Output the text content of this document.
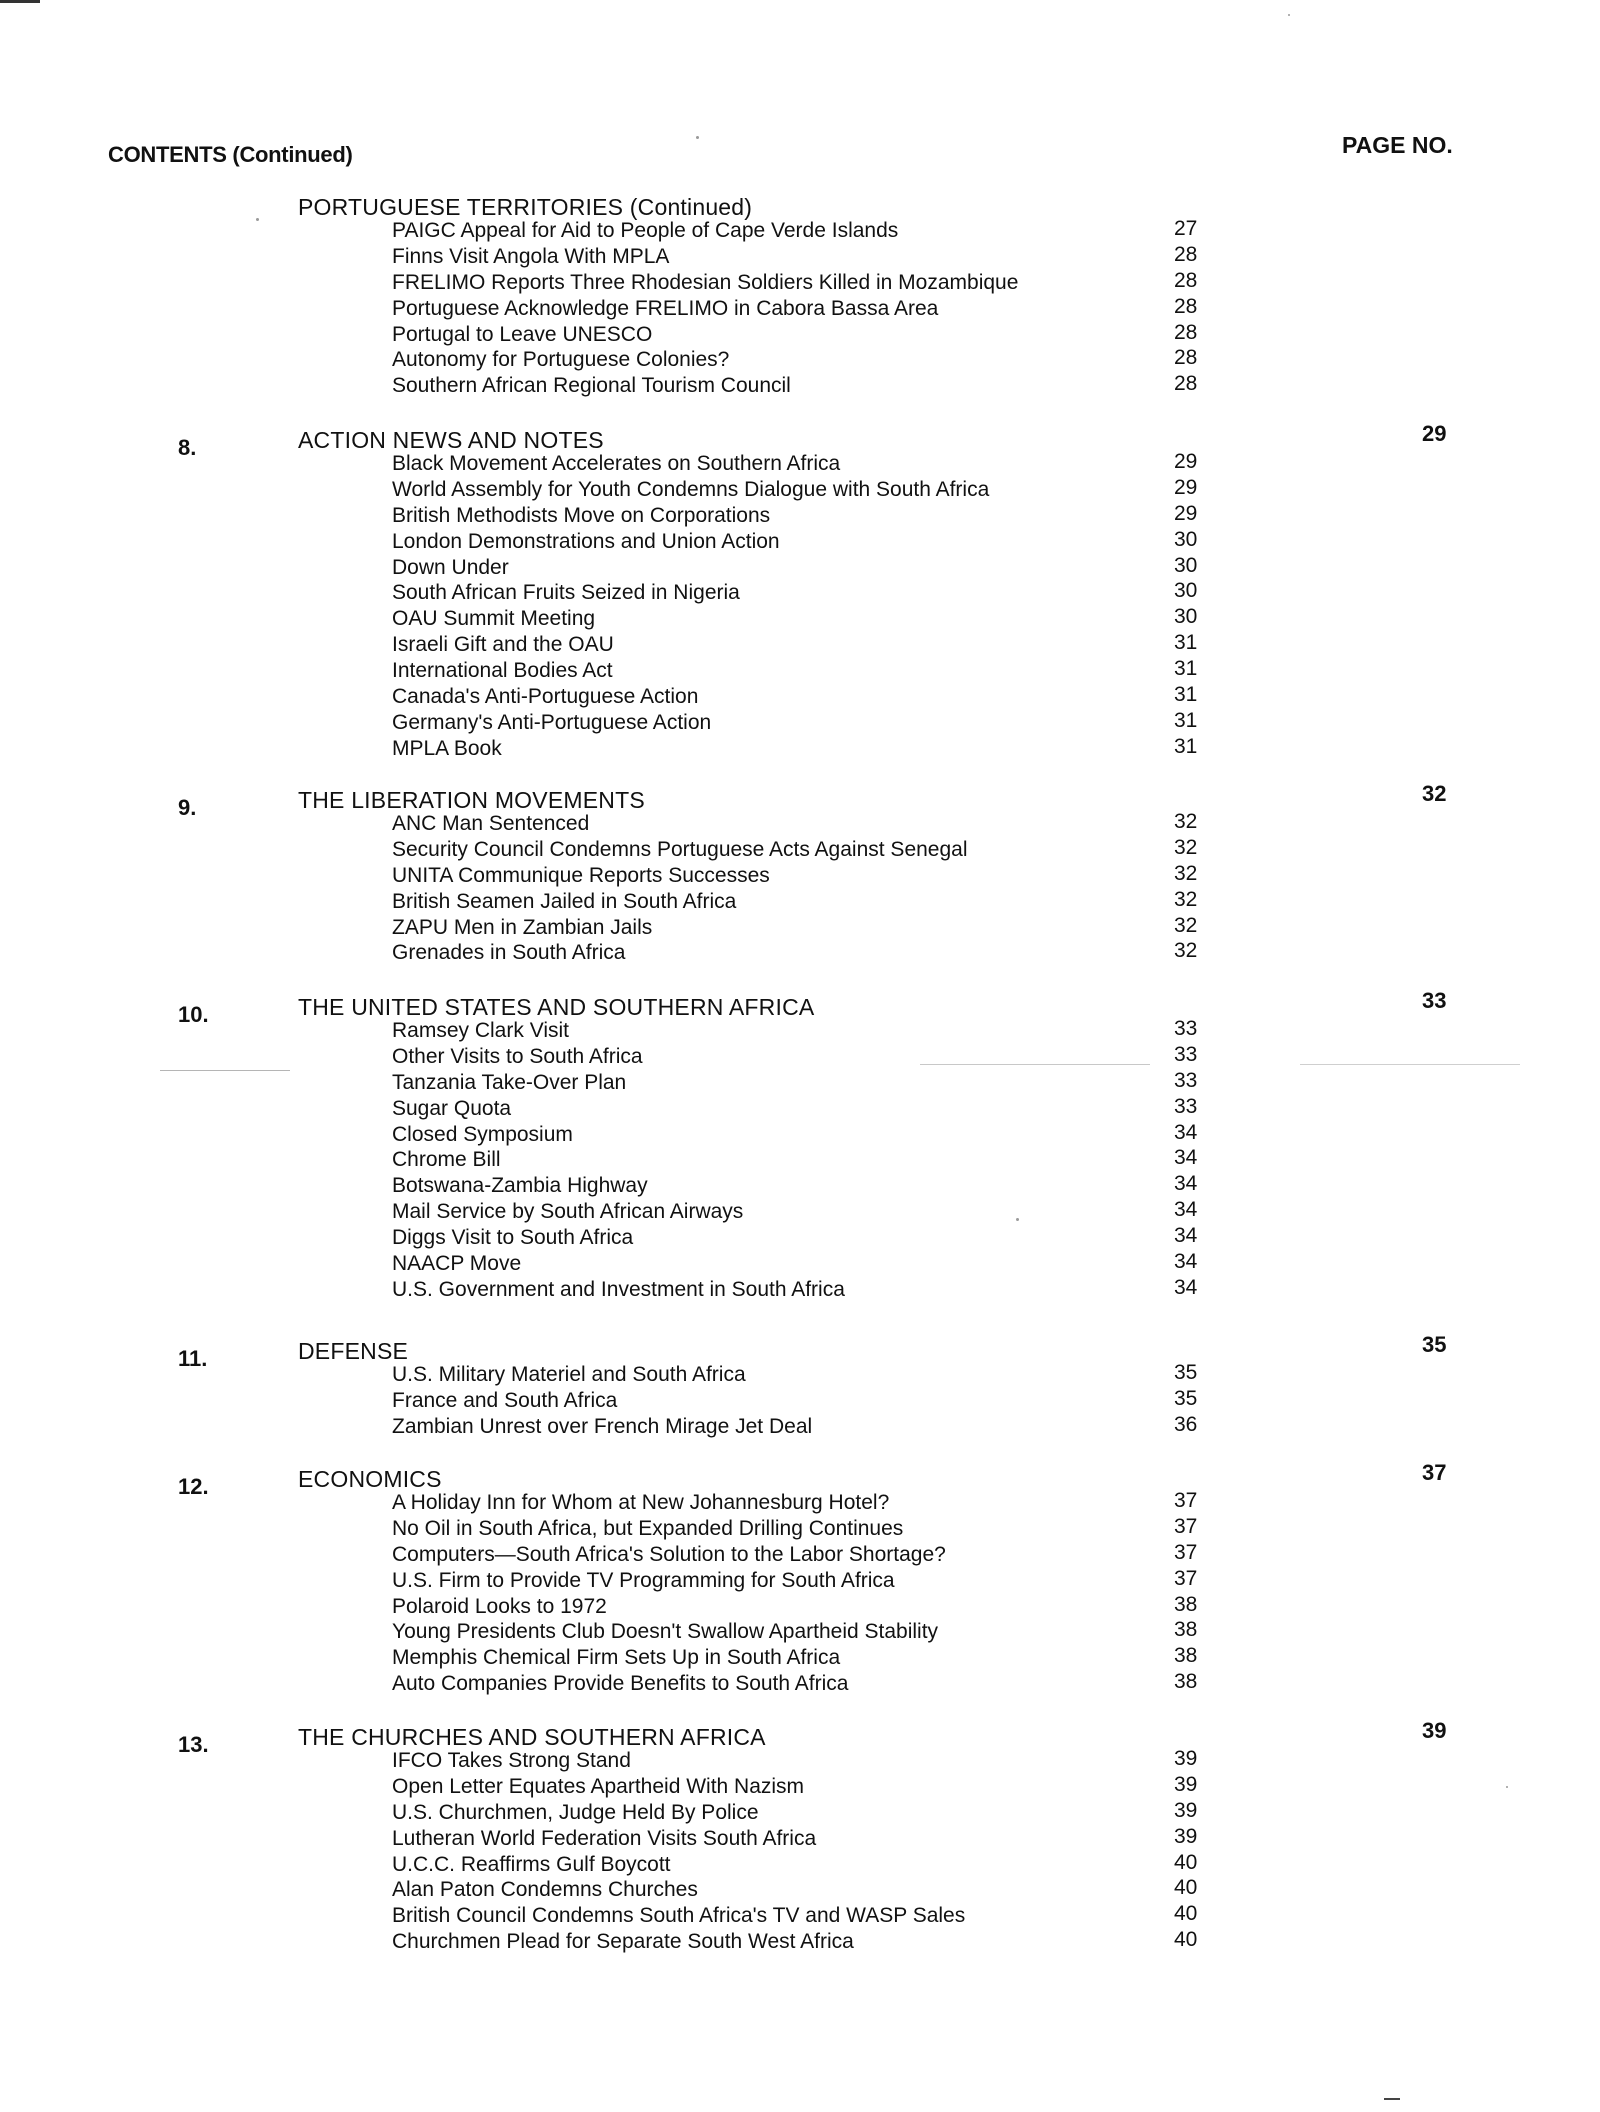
CONTENTS (Continued)	PAGE NO.
PORTUGUESE TERRITORIES (Continued)
PAIGC Appeal for Aid to People of Cape Verde Islands	27
Finns Visit Angola With MPLA	28
FRELIMO Reports Three Rhodesian Soldiers Killed in Mozambique	28
Portuguese Acknowledge FRELIMO in Cabora Bassa Area	28
Portugal to Leave UNESCO	28
Autonomy for Portuguese Colonies?	28
Southern African Regional Tourism Council	28
8.	ACTION NEWS AND NOTES	29
Black Movement Accelerates on Southern Africa	29
World Assembly for Youth Condemns Dialogue with South Africa	29
British Methodists Move on Corporations	29
London Demonstrations and Union Action	30
Down Under	30
South African Fruits Seized in Nigeria	30
OAU Summit Meeting	30
Israeli Gift and the OAU	31
International Bodies Act	31
Canada's Anti-Portuguese Action	31
Germany's Anti-Portuguese Action	31
MPLA Book	31
9.	THE LIBERATION MOVEMENTS	32
ANC Man Sentenced	32
Security Council Condemns Portuguese Acts Against Senegal	32
UNITA Communique Reports Successes	32
British Seamen Jailed in South Africa	32
ZAPU Men in Zambian Jails	32
Grenades in South Africa	32
10.	THE UNITED STATES AND SOUTHERN AFRICA	33
Ramsey Clark Visit	33
Other Visits to South Africa	33
Tanzania Take-Over Plan	33
Sugar Quota	33
Closed Symposium	34
Chrome Bill	34
Botswana-Zambia Highway	34
Mail Service by South African Airways	34
Diggs Visit to South Africa	34
NAACP Move	34
U.S. Government and Investment in South Africa	34
11.	DEFENSE	35
U.S. Military Materiel and South Africa	35
France and South Africa	35
Zambian Unrest over French Mirage Jet Deal	36
12.	ECONOMICS	37
A Holiday Inn for Whom at New Johannesburg Hotel?	37
No Oil in South Africa, but Expanded Drilling Continues	37
Computers—South Africa's Solution to the Labor Shortage?	37
U.S. Firm to Provide TV Programming for South Africa	37
Polaroid Looks to 1972	38
Young Presidents Club Doesn't Swallow Apartheid Stability	38
Memphis Chemical Firm Sets Up in South Africa	38
Auto Companies Provide Benefits to South Africa	38
13.	THE CHURCHES AND SOUTHERN AFRICA	39
IFCO Takes Strong Stand	39
Open Letter Equates Apartheid With Nazism	39
U.S. Churchmen, Judge Held By Police	39
Lutheran World Federation Visits South Africa	39
U.C.C. Reaffirms Gulf Boycott	40
Alan Paton Condemns Churches	40
British Council Condemns South Africa's TV and WASP Sales	40
Churchmen Plead for Separate South West Africa	40
